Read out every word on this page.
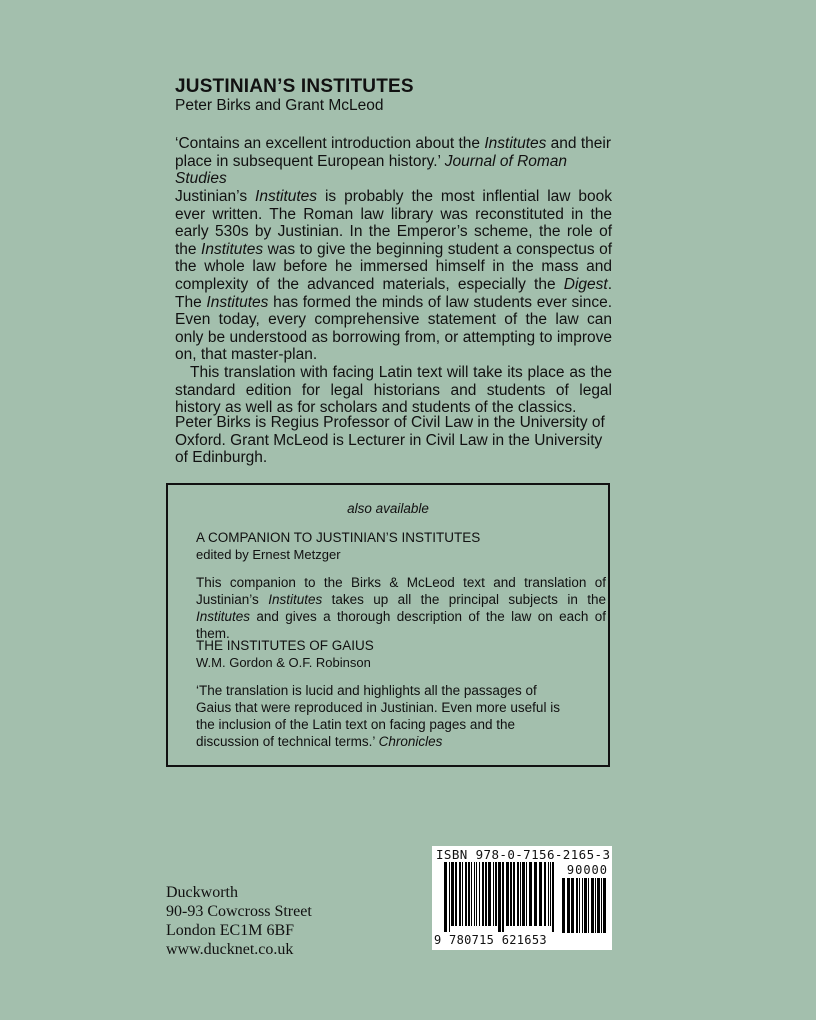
JUSTINIAN’S INSTITUTES
Peter Birks and Grant McLeod
‘Contains an excellent introduction about the Institutes and their place in subsequent European history.’ Journal of Roman Studies

Justinian’s Institutes is probably the most inflential law book ever written. The Roman law library was reconstituted in the early 530s by Justinian. In the Emperor’s scheme, the role of the Institutes was to give the beginning student a conspectus of the whole law before he immersed himself in the mass and complexity of the advanced materials, especially the Digest. The Institutes has formed the minds of law students ever since. Even today, every comprehensive statement of the law can only be understood as borrowing from, or attempting to improve on, that master-plan.

This translation with facing Latin text will take its place as the standard edition for legal historians and students of legal history as well as for scholars and students of the classics.

Peter Birks is Regius Professor of Civil Law in the University of Oxford. Grant McLeod is Lecturer in Civil Law in the University of Edinburgh.
also available
A COMPANION TO JUSTINIAN’S INSTITUTES
edited by Ernest Metzger
This companion to the Birks & McLeod text and translation of Justinian’s Institutes takes up all the principal subjects in the Institutes and gives a thorough description of the law on each of them.
THE INSTITUTES OF GAIUS
W.M. Gordon & O.F. Robinson
‘The translation is lucid and highlights all the passages of Gaius that were reproduced in Justinian. Even more useful is the inclusion of the Latin text on facing pages and the discussion of technical terms.’ Chronicles
Duckworth
90-93 Cowcross Street
London EC1M 6BF
www.ducknet.co.uk
ISBN 978-0-7156-2165-3
90000
9 780715 621653
